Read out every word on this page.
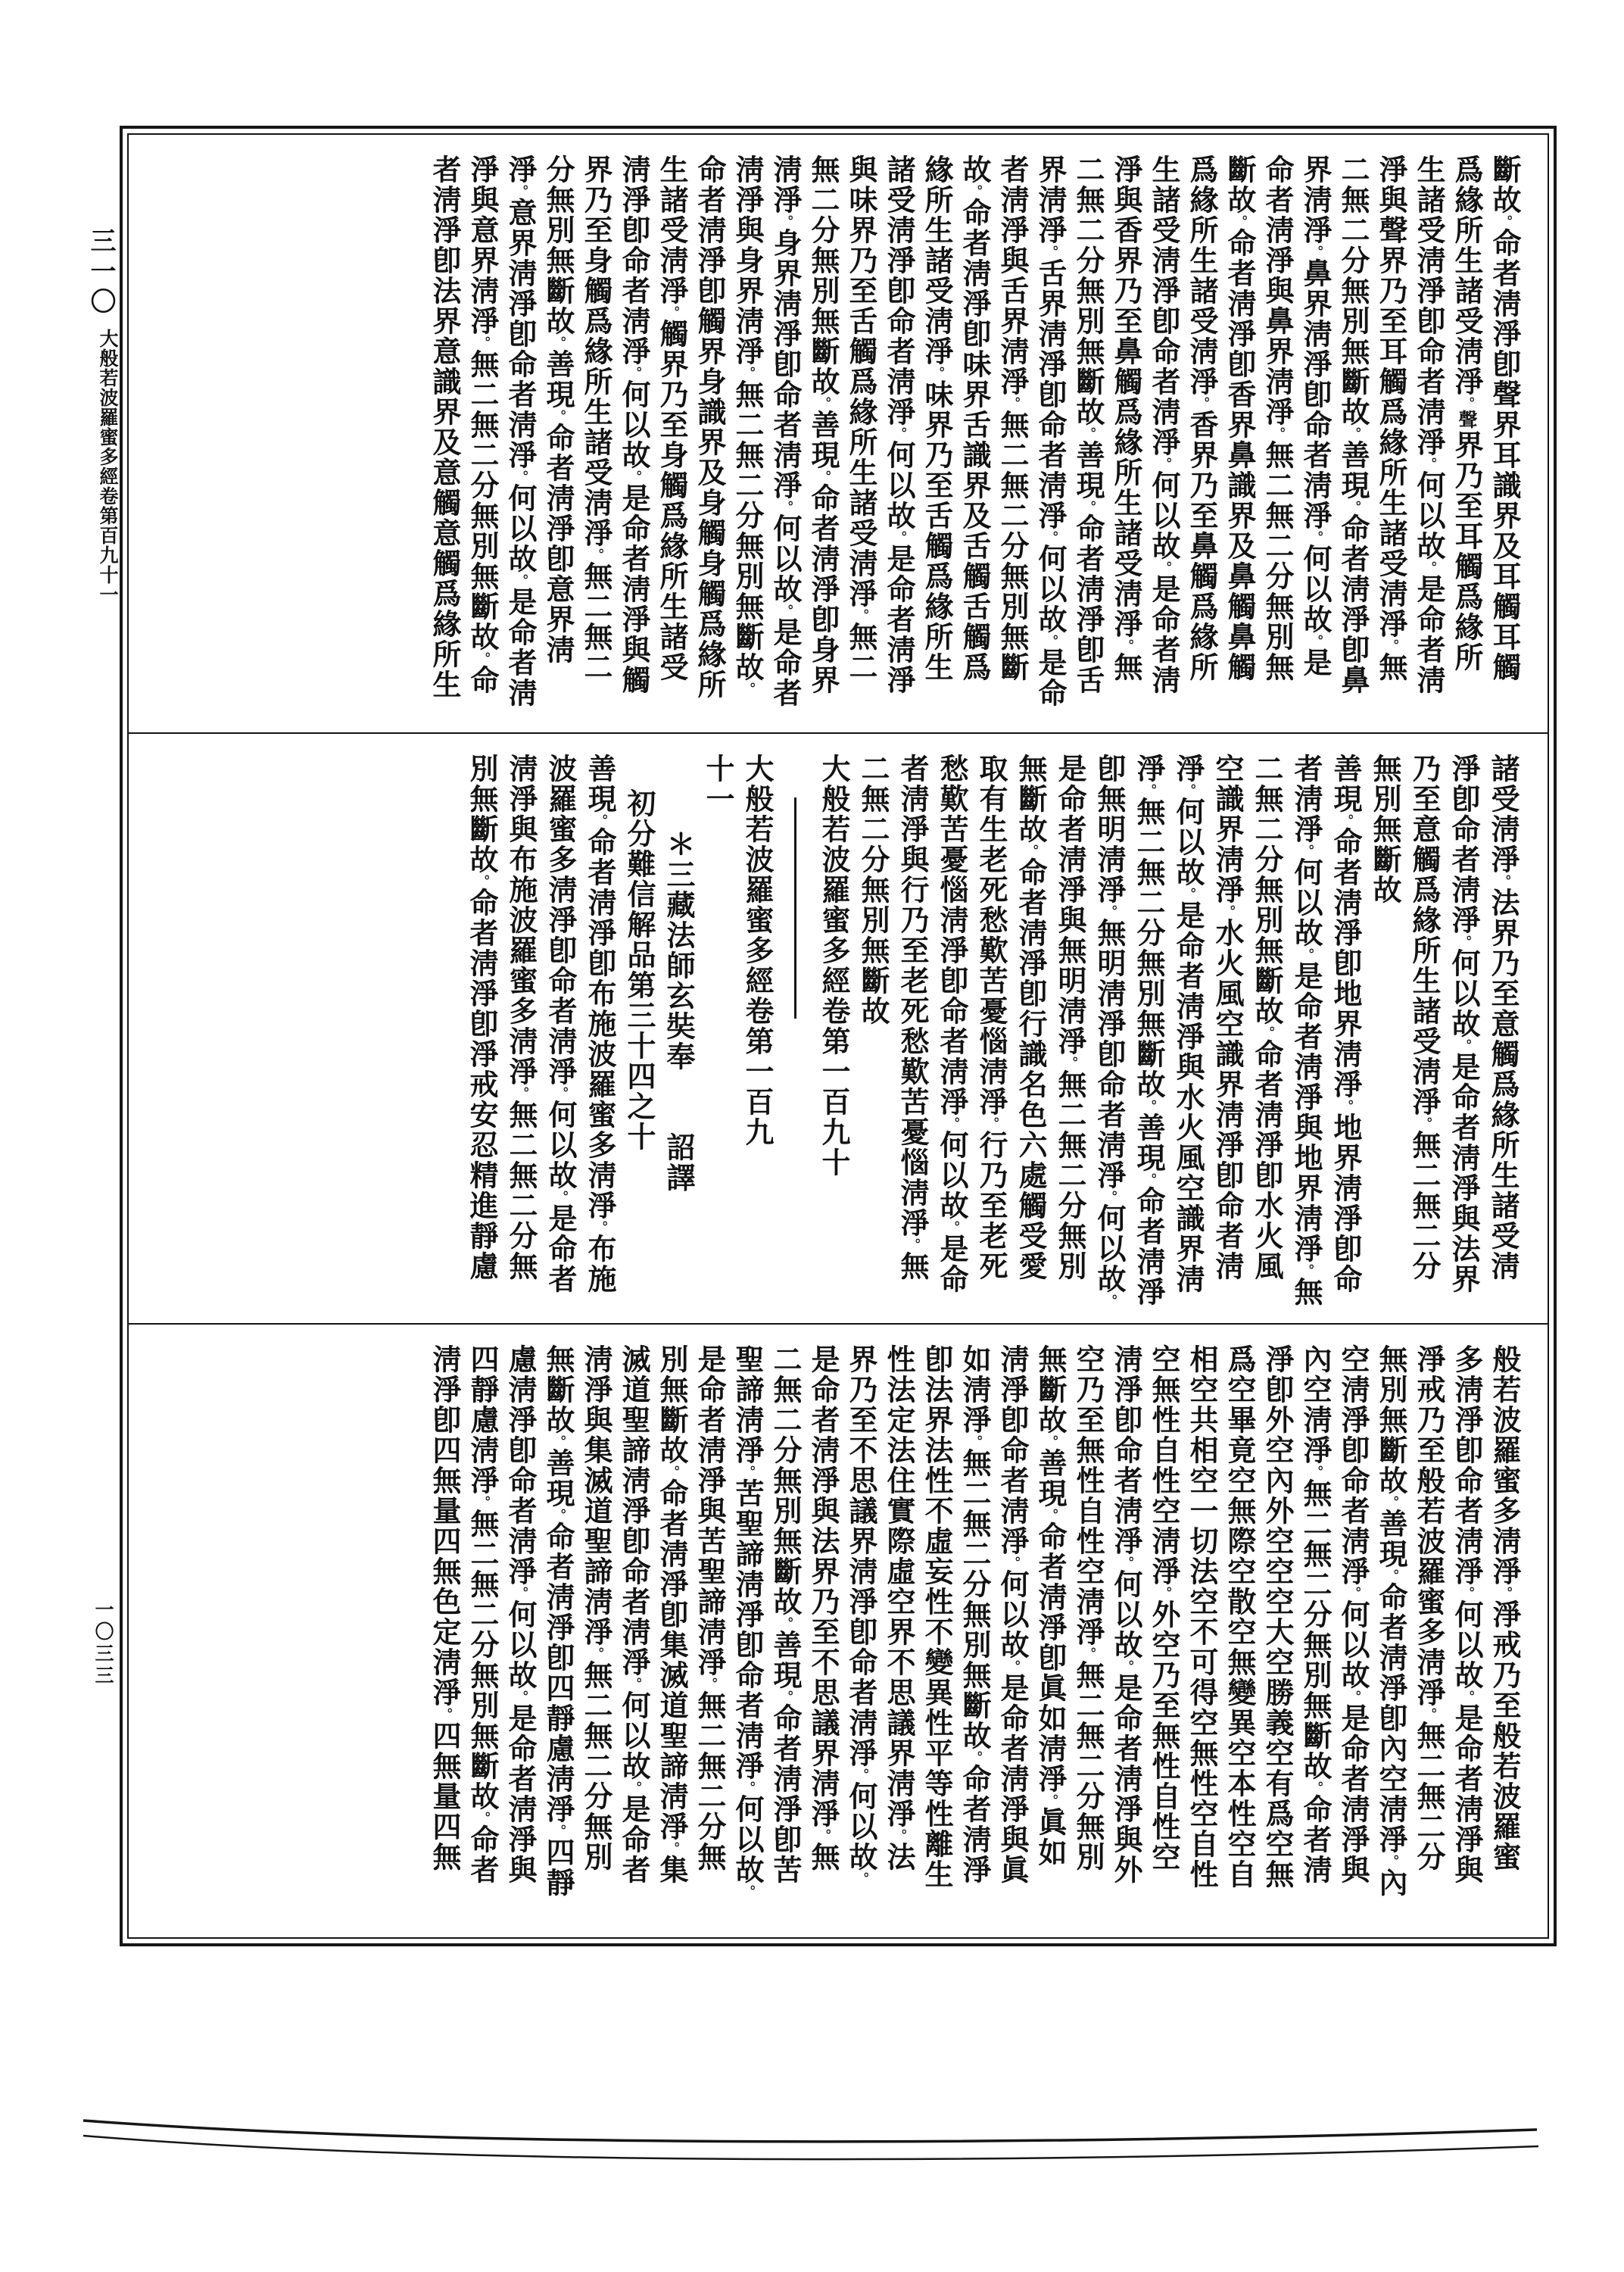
三一〇
大般若波羅蜜多經卷第百九十一
一〇三三
斷故。命者淸淨卽聲界耳識界及耳觸耳觸
爲緣所生諸受淸淨。聲界乃至耳觸爲緣所
生諸受淸淨卽命者淸淨。何以故。是命者淸
淨與聲界乃至耳觸爲緣所生諸受淸淨。無
二無二分無別無斷故。善現。命者淸淨卽鼻
界淸淨。鼻界淸淨卽命者淸淨。何以故。是
命者淸淨與鼻界淸淨。無二無二分無別無
斷故。命者淸淨卽香界鼻識界及鼻觸鼻觸
爲緣所生諸受淸淨。香界乃至鼻觸爲緣所
生諸受淸淨卽命者淸淨。何以故。是命者淸
淨與香界乃至鼻觸爲緣所生諸受淸淨。無
二無二分無別無斷故。善現。命者淸淨卽舌
界淸淨。舌界淸淨卽命者淸淨。何以故。是命
者淸淨與舌界淸淨。無二無二分無別無斷
故。命者淸淨卽味界舌識界及舌觸舌觸爲
緣所生諸受淸淨。味界乃至舌觸爲緣所生
諸受淸淨卽命者淸淨。何以故。是命者淸淨
與味界乃至舌觸爲緣所生諸受淸淨。無二
無二分無別無斷故。善現。命者淸淨卽身界
淸淨。身界淸淨卽命者淸淨。何以故。是命者
淸淨與身界淸淨。無二無二分無別無斷故。
命者淸淨卽觸界身識界及身觸身觸爲緣所
生諸受淸淨。觸界乃至身觸爲緣所生諸受
淸淨卽命者淸淨。何以故。是命者淸淨與觸
界乃至身觸爲緣所生諸受淸淨。無二無二
分無別無斷故。善現。命者淸淨卽意界淸
淨。意界淸淨卽命者淸淨。何以故。是命者淸
淨與意界淸淨。無二無二分無別無斷故。命
者淸淨卽法界意識界及意觸意觸爲緣所生
諸受淸淨。法界乃至意觸爲緣所生諸受淸
淨卽命者淸淨。何以故。是命者淸淨與法界
乃至意觸爲緣所生諸受淸淨。無二無二分
無別無斷故
善現。命者淸淨卽地界淸淨。地界淸淨卽命
者淸淨。何以故。是命者淸淨與地界淸淨。無
二無二分無別無斷故。命者淸淨卽水火風
空識界淸淨。水火風空識界淸淨卽命者淸
淨。何以故。是命者淸淨與水火風空識界淸
淨。無二無二分無別無斷故。善現。命者淸淨
卽無明淸淨。無明淸淨卽命者淸淨。何以故。
是命者淸淨與無明淸淨。無二無二分無別
無斷故。命者淸淨卽行識名色六處觸受愛
取有生老死愁歎苦憂惱淸淨。行乃至老死
愁歎苦憂惱淸淨卽命者淸淨。何以故。是命
者淸淨與行乃至老死愁歎苦憂惱淸淨。無
二無二分無別無斷故
大般若波羅蜜多經卷第一百九十
大般若波羅蜜多經卷第一百九
十一
＊三藏法師玄奘奉　　詔譯
初分難信解品第三十四之十
善現。命者淸淨卽布施波羅蜜多淸淨。布施
波羅蜜多淸淨卽命者淸淨。何以故。是命者
淸淨與布施波羅蜜多淸淨。無二無二分無
別無斷故。命者淸淨卽淨戒安忍精進靜慮
般若波羅蜜多淸淨。淨戒乃至般若波羅蜜
多淸淨卽命者淸淨。何以故。是命者淸淨與
淨戒乃至般若波羅蜜多淸淨。無二無二分
無別無斷故。善現。命者淸淨卽內空淸淨。內
空淸淨卽命者淸淨。何以故。是命者淸淨與
內空淸淨。無二無二分無別無斷故。命者淸
淨卽外空內外空空空大空勝義空有爲空無
爲空畢竟空無際空散空無變異空本性空自
相空共相空一切法空不可得空無性空自性
空無性自性空淸淨。外空乃至無性自性空
淸淨卽命者淸淨。何以故。是命者淸淨與外
空乃至無性自性空淸淨。無二無二分無別
無斷故。善現。命者淸淨卽眞如淸淨。眞如
淸淨卽命者淸淨。何以故。是命者淸淨與眞
如淸淨。無二無二分無別無斷故。命者淸淨
卽法界法性不虛妄性不變異性平等性離生
性法定法住實際虛空界不思議界淸淨。法
界乃至不思議界淸淨卽命者淸淨。何以故。
是命者淸淨與法界乃至不思議界淸淨。無
二無二分無別無斷故。善現。命者淸淨卽苦
聖諦淸淨。苦聖諦淸淨卽命者淸淨。何以故。
是命者淸淨與苦聖諦淸淨。無二無二分無
別無斷故。命者淸淨卽集滅道聖諦淸淨。集
滅道聖諦淸淨卽命者淸淨。何以故。是命者
淸淨與集滅道聖諦淸淨。無二無二分無別
無斷故。善現。命者淸淨卽四靜慮淸淨。四靜
慮淸淨卽命者淸淨。何以故。是命者淸淨與
四靜慮淸淨。無二無二分無別無斷故。命者
淸淨卽四無量四無色定淸淨。四無量四無
